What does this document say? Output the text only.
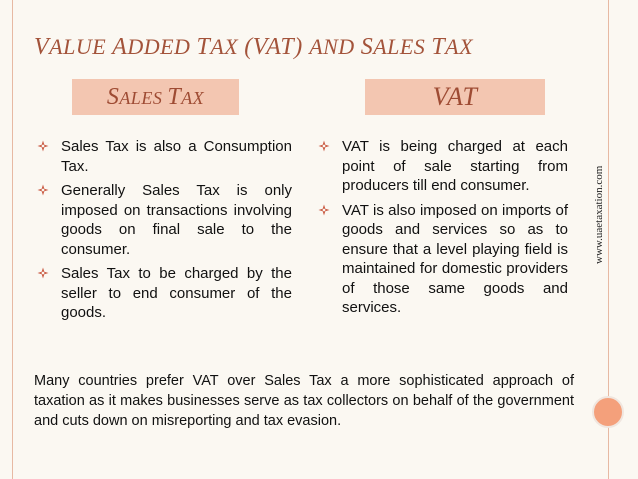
VALUE ADDED TAX (VAT) AND SALES TAX
SALES TAX	VAT
Sales Tax is also a Consumption Tax.
Generally Sales Tax is only imposed on transactions involving goods on final sale to the consumer.
Sales Tax to be charged by the seller to end consumer of the goods.
VAT is being charged at each point of sale starting from producers till end consumer.
VAT is also imposed on imports of goods and services so as to ensure that a level playing field is maintained for domestic providers of those same goods and services.
Many countries prefer VAT over Sales Tax a more sophisticated approach of taxation as it makes businesses serve as tax collectors on behalf of the government and cuts down on misreporting and tax evasion.
www.uaetaxation.com
